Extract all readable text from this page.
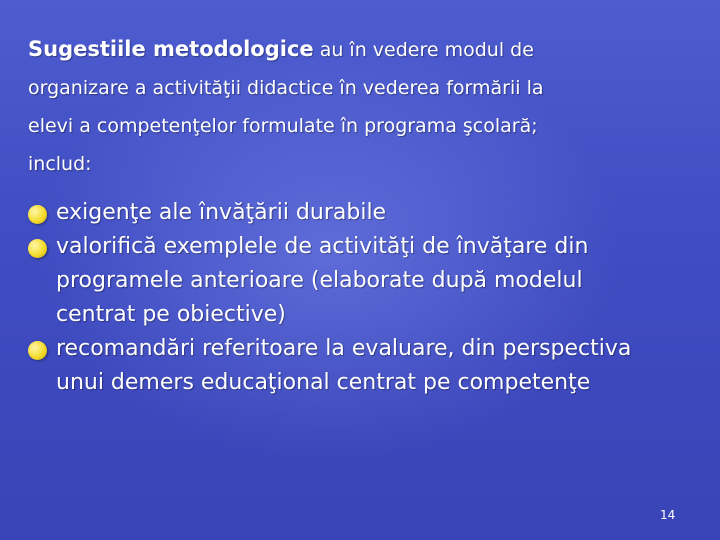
Sugestiile metodologice au în vedere modul de
organizare a activităţii didactice în vederea formării la
elevi a competenţelor formulate în programa şcolară;
includ:
exigenţe ale învăţării durabile
valorifică exemplele de activităţi de învăţare din
programele anterioare (elaborate după modelul
centrat pe obiective)
recomandări referitoare la evaluare, din perspectiva
unui demers educaţional centrat pe competenţe
14
